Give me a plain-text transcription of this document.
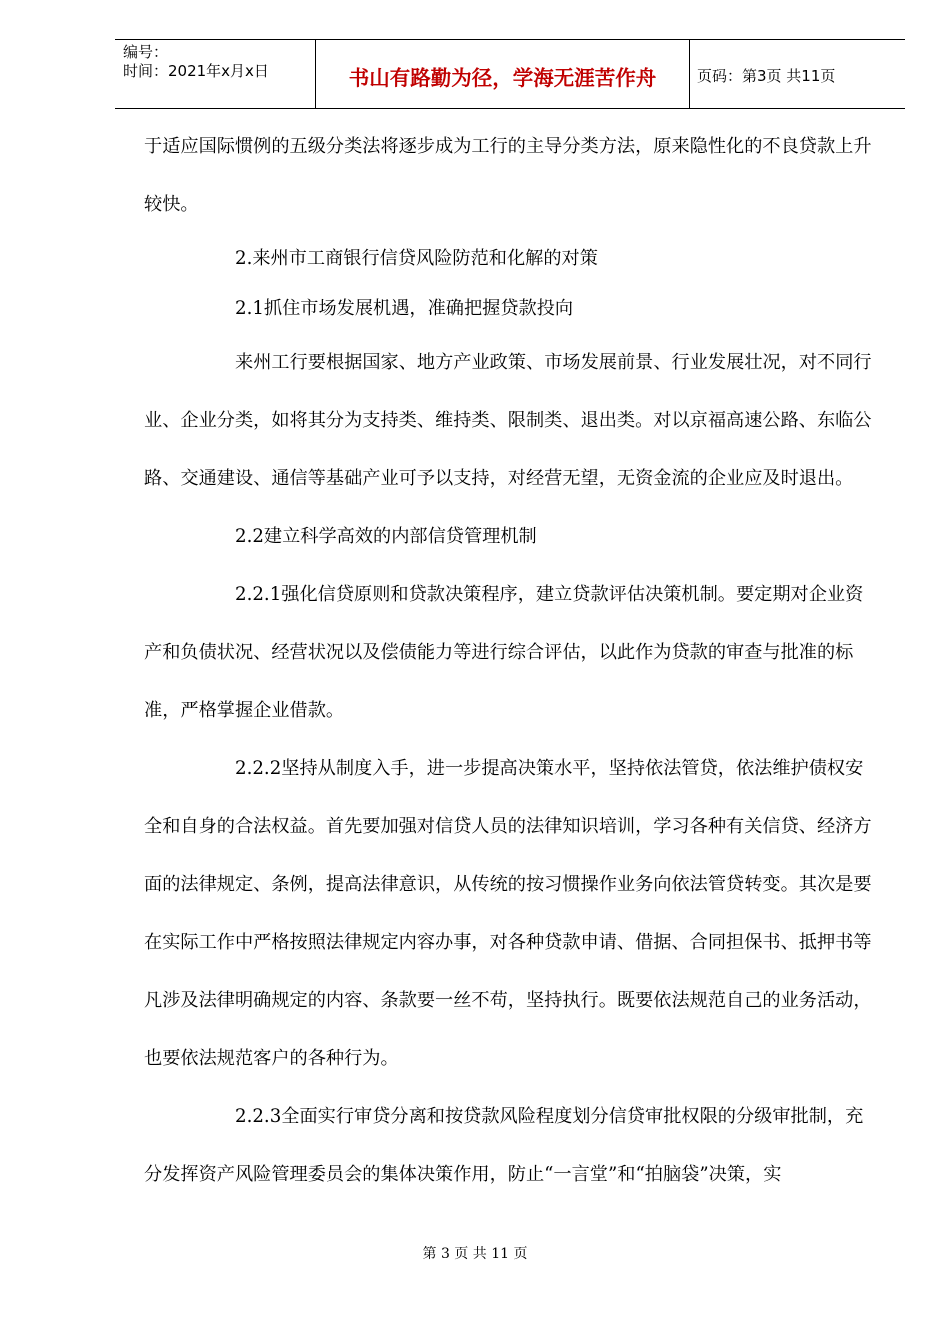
编号：
时间：2021年x月x日	书山有路勤为径，学海无涯苦作舟	页码：第3页 共11页

于适应国际惯例的五级分类法将逐步成为工行的主导分类方法，原来隐性化的不良贷款上升较快。

2.来州市工商银行信贷风险防范和化解的对策

2.1抓住市场发展机遇，准确把握贷款投向

来州工行要根据国家、地方产业政策、市场发展前景、行业发展壮况，对不同行业、企业分类，如将其分为支持类、维持类、限制类、退出类。对以京福高速公路、东临公路、交通建设、通信等基础产业可予以支持，对经营无望，无资金流的企业应及时退出。

2.2建立科学高效的内部信贷管理机制

2.2.1强化信贷原则和贷款决策程序，建立贷款评估决策机制。要定期对企业资产和负债状况、经营状况以及偿债能力等进行综合评估，以此作为贷款的审查与批准的标准，严格掌握企业借款。

2.2.2坚持从制度入手，进一步提高决策水平，坚持依法管贷，依法维护债权安全和自身的合法权益。首先要加强对信贷人员的法律知识培训，学习各种有关信贷、经济方面的法律规定、条例，提高法律意识，从传统的按习惯操作业务向依法管贷转变。其次是要在实际工作中严格按照法律规定内容办事，对各种贷款申请、借据、合同担保书、抵押书等凡涉及法律明确规定的内容、条款要一丝不苟，坚持执行。既要依法规范自己的业务活动，也要依法规范客户的各种行为。

2.2.3全面实行审贷分离和按贷款风险程度划分信贷审批权限的分级审批制，充分发挥资产风险管理委员会的集体决策作用，防止“一言堂”和“拍脑袋”决策，实

第 3 页 共 11 页
